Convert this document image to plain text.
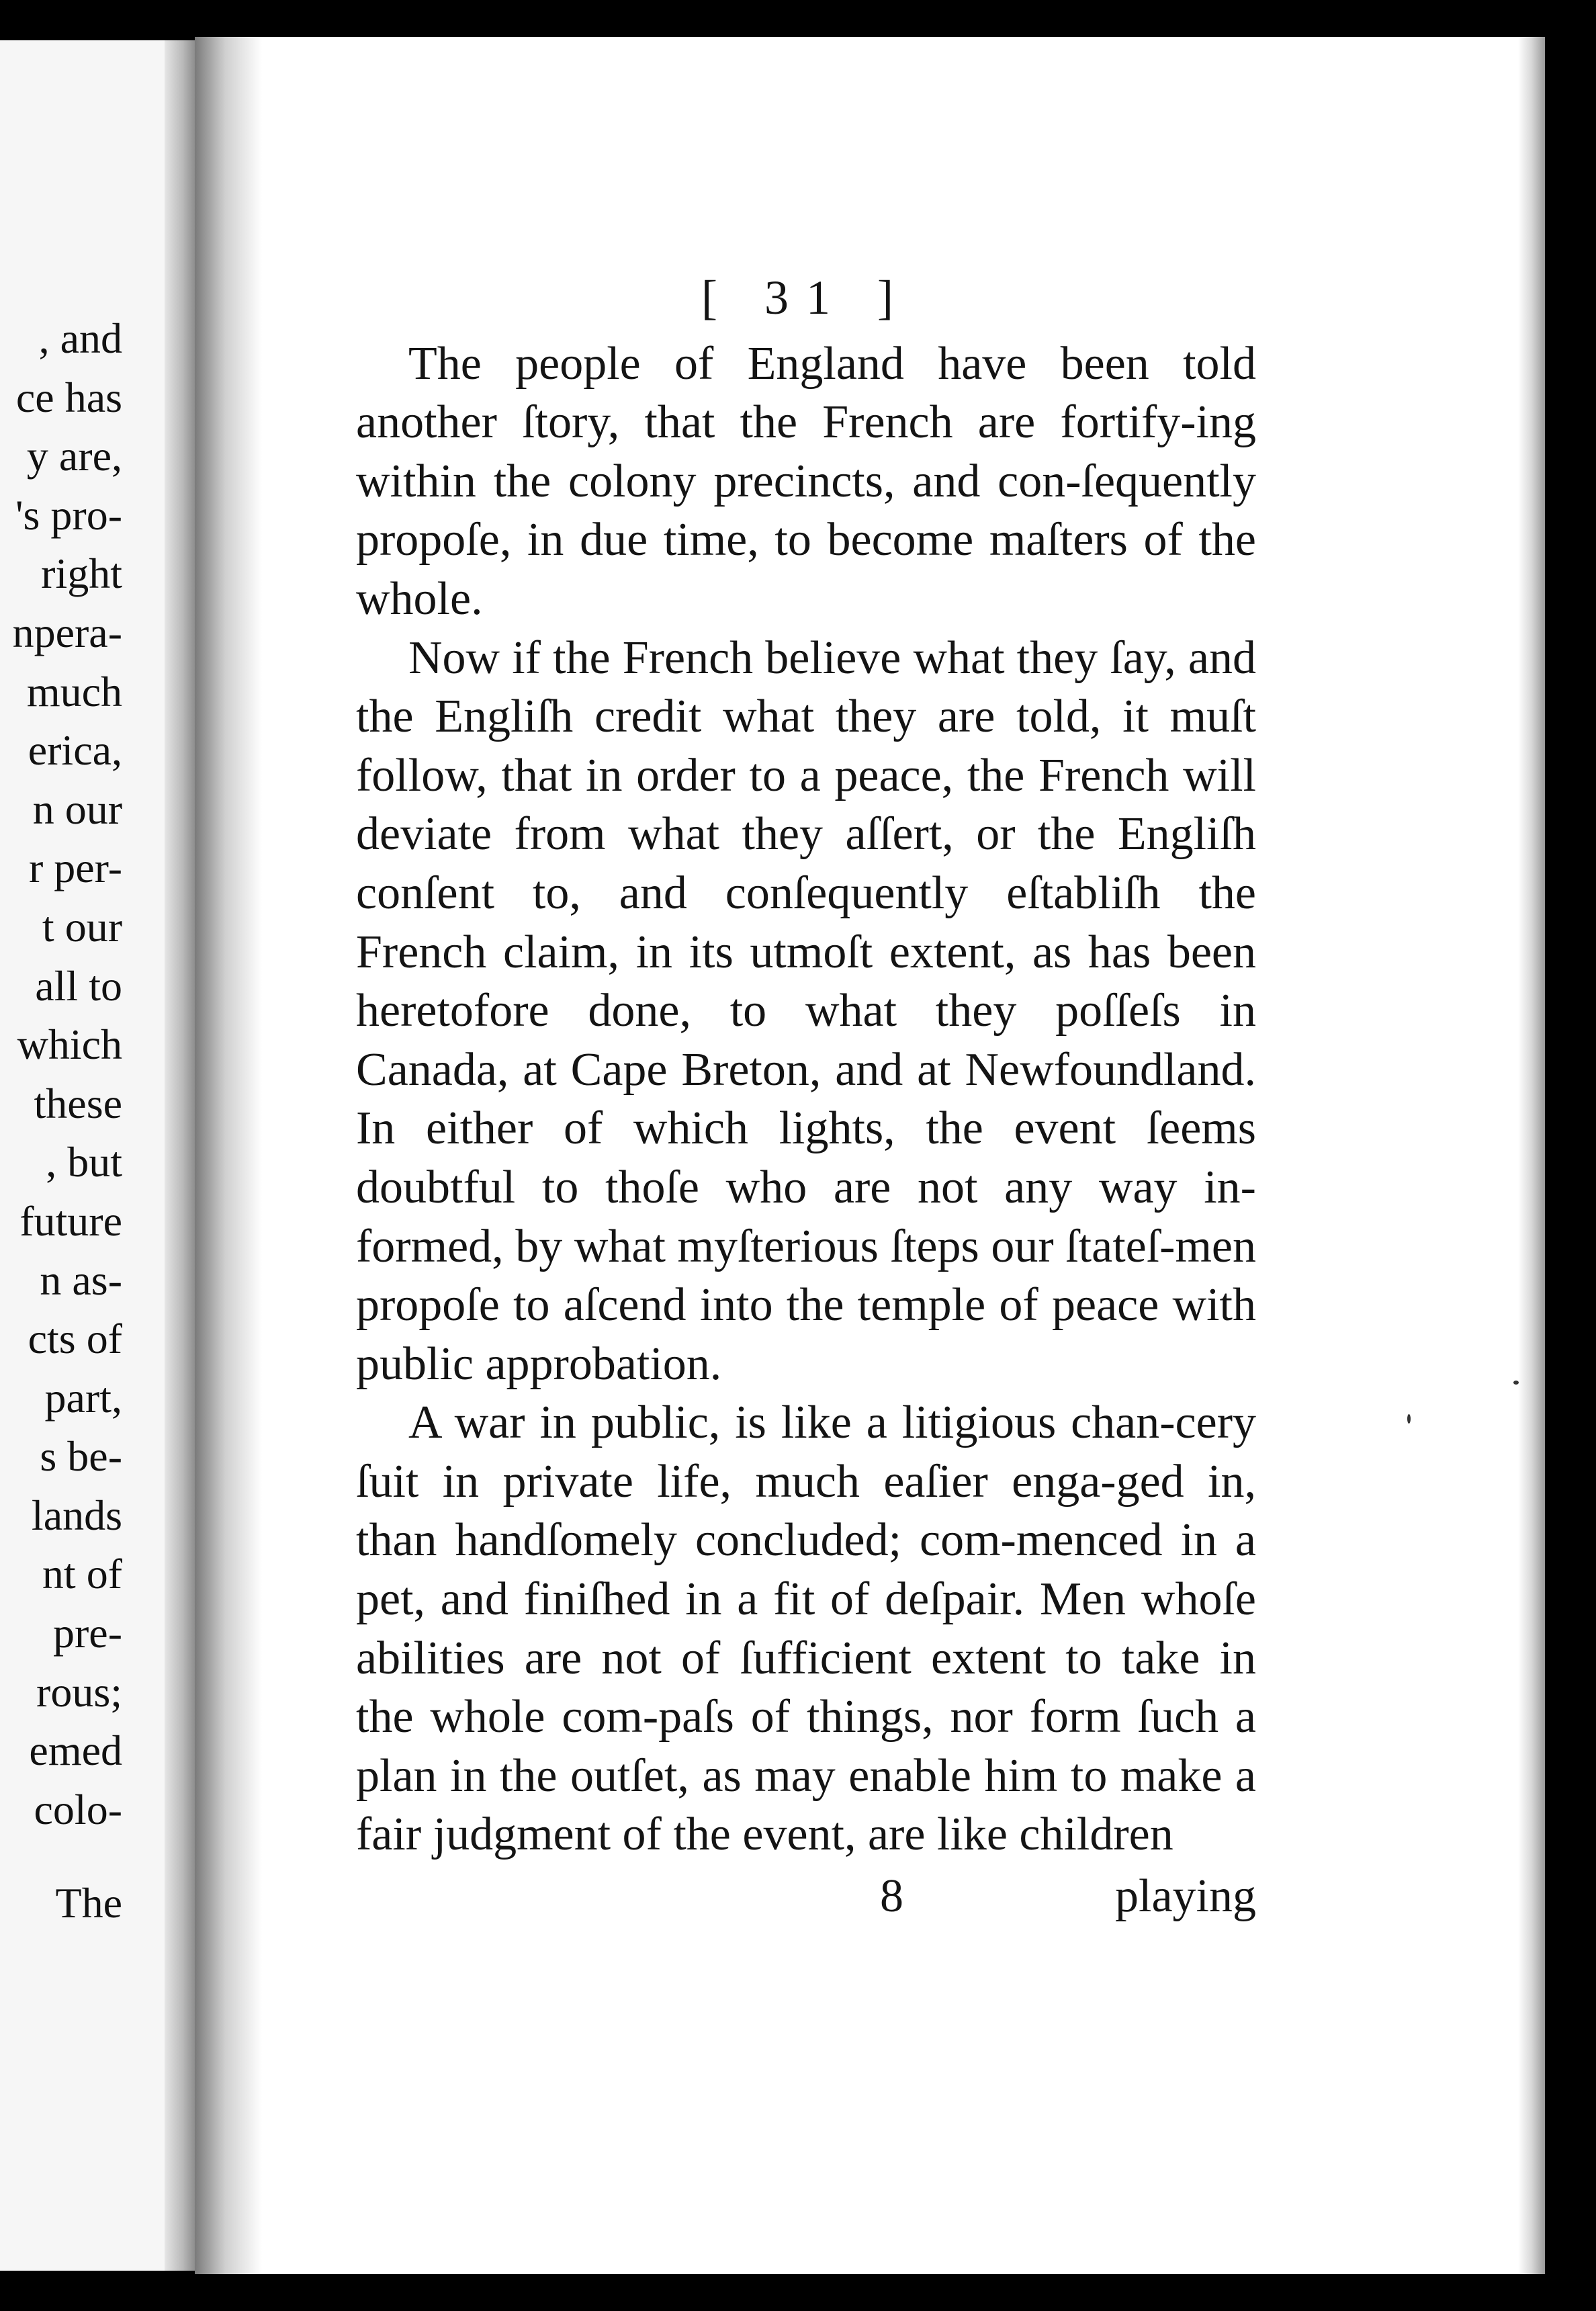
, and
ce has
y are,
's pro-
right
npera-
much
erica,
n our
r per-
t our
all to
which
these
, but
future
n as-
cts of
part,
s be-
lands
nt of
pre-
rous;
emed
colo-
The
[ 31 ]

The people of England have been told another ſtory, that the French are fortify-ing within the colony precincts, and con-ſequently propoſe, in due time, to become maſters of the whole.

Now if the French believe what they ſay, and the Engliſh credit what they are told, it muſt follow, that in order to a peace, the French will deviate from what they aſſert, or the Engliſh conſent to, and conſequently eſtabliſh the French claim, in its utmoſt extent, as has been heretofore done, to what they poſſeſs in Canada, at Cape Breton, and at Newfoundland. In either of which lights, the event ſeems doubtful to thoſe who are not any way in-formed, by what myſterious ſteps our ſtateſ-men propoſe to aſcend into the temple of peace with public approbation.

A war in public, is like a litigious chan-cery ſuit in private life, much eaſier enga-ged in, than handſomely concluded; com-menced in a pet, and finiſhed in a fit of deſpair. Men whoſe abilities are not of ſufficient extent to take in the whole com-paſs of things, nor form ſuch a plan in the outſet, as may enable him to make a fair judgment of the event, are like children

8	playing
